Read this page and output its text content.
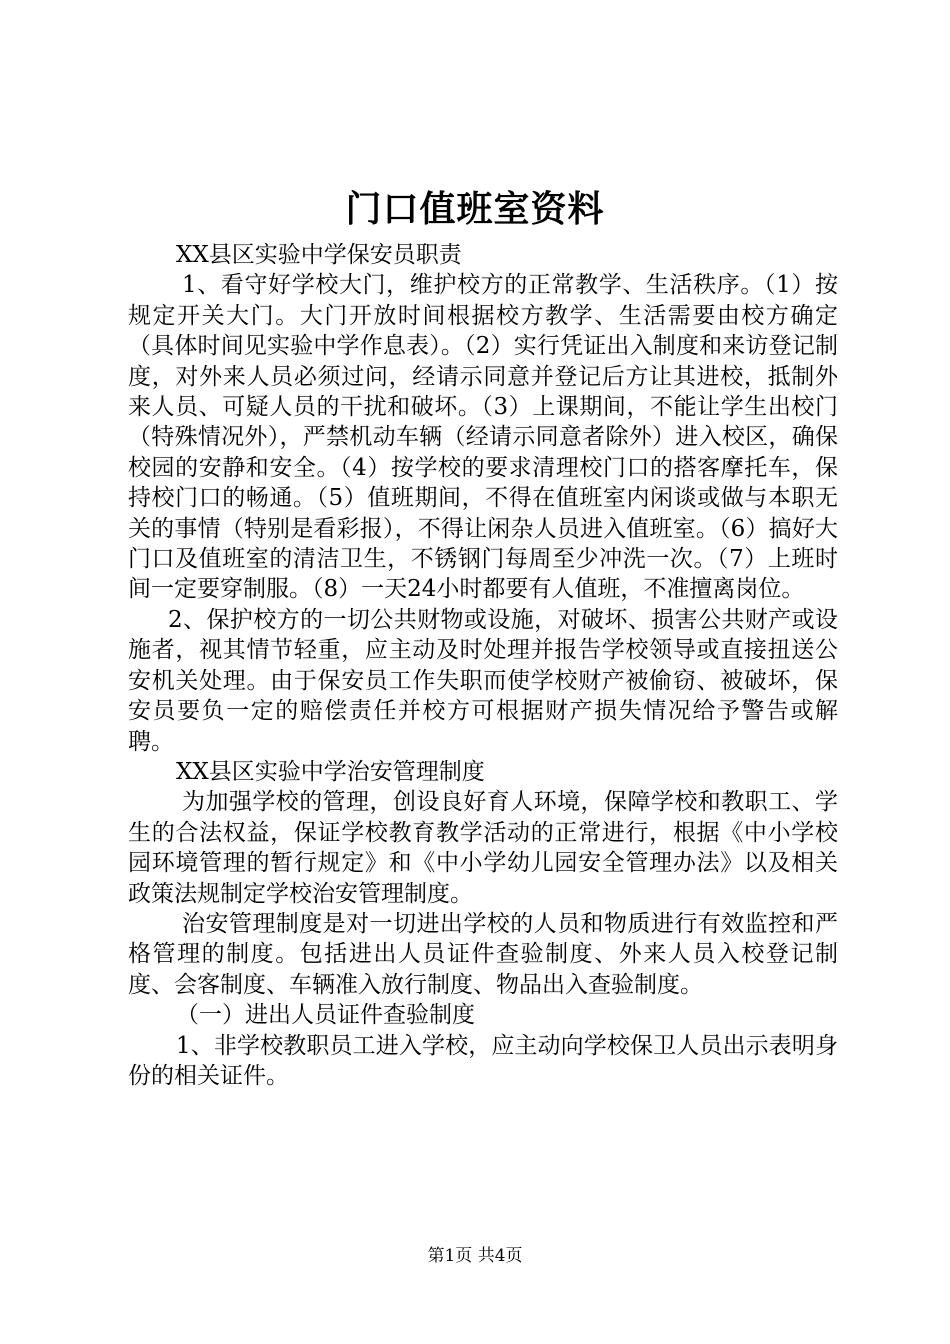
门口值班室资料

XX县区实验中学保安员职责

1、看守好学校大门，维护校方的正常教学、生活秩序。（1）按规定开关大门。大门开放时间根据校方教学、生活需要由校方确定（具体时间见实验中学作息表）。（2）实行凭证出入制度和来访登记制度，对外来人员必须过问，经请示同意并登记后方让其进校，抵制外来人员、可疑人员的干扰和破坏。（3）上课期间，不能让学生出校门（特殊情况外），严禁机动车辆（经请示同意者除外）进入校区，确保校园的安静和安全。（4）按学校的要求清理校门口的搭客摩托车，保持校门口的畅通。（5）值班期间，不得在值班室内闲谈或做与本职无关的事情（特别是看彩报），不得让闲杂人员进入值班室。（6）搞好大门口及值班室的清洁卫生，不锈钢门每周至少冲洗一次。（7）上班时间一定要穿制服。（8）一天24小时都要有人值班，不准擅离岗位。

2、保护校方的一切公共财物或设施，对破坏、损害公共财产或设施者，视其情节轻重，应主动及时处理并报告学校领导或直接扭送公安机关处理。由于保安员工作失职而使学校财产被偷窃、被破坏，保安员要负一定的赔偿责任并校方可根据财产损失情况给予警告或解聘。

XX县区实验中学治安管理制度

为加强学校的管理，创设良好育人环境，保障学校和教职工、学生的合法权益，保证学校教育教学活动的正常进行，根据《中小学校园环境管理的暂行规定》和《中小学幼儿园安全管理办法》以及相关政策法规制定学校治安管理制度。

治安管理制度是对一切进出学校的人员和物质进行有效监控和严格管理的制度。包括进出人员证件查验制度、外来人员入校登记制度、会客制度、车辆准入放行制度、物品出入查验制度。

（一）进出人员证件查验制度

1、非学校教职员工进入学校，应主动向学校保卫人员出示表明身份的相关证件。

第1页 共4页
